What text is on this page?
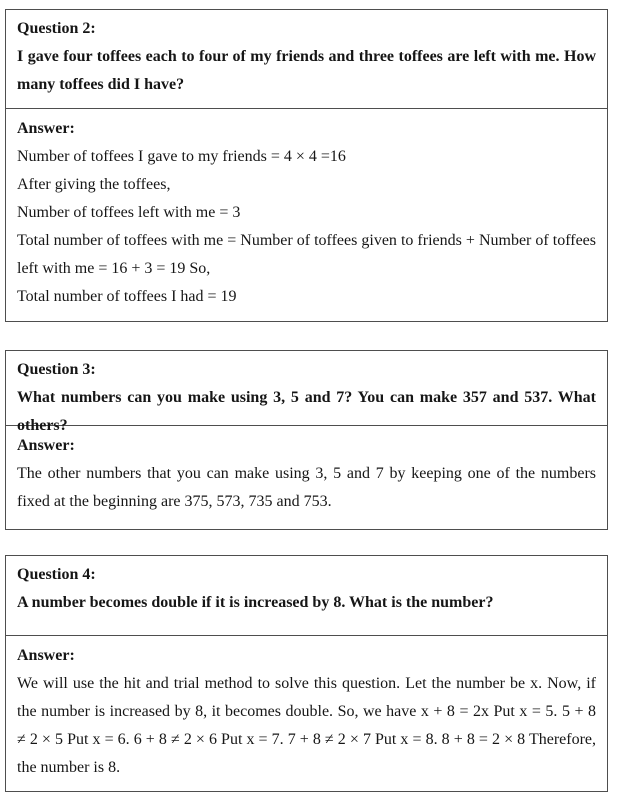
Question 2:

I gave four toffees each to four of my friends and three toffees are left with me. How many toffees did I have?

Answer:

Number of toffees I gave to my friends = 4 × 4 =16

After giving the toffees,

Number of toffees left with me = 3

Total number of toffees with me = Number of toffees given to friends + Number of toffees left with me = 16 + 3 = 19 So,

Total number of toffees I had = 19

Question 3:

What numbers can you make using 3, 5 and 7? You can make 357 and 537. What others?

Answer:

The other numbers that you can make using 3, 5 and 7 by keeping one of the numbers fixed at the beginning are 375, 573, 735 and 753.

Question 4:

A number becomes double if it is increased by 8. What is the number?

Answer:

We will use the hit and trial method to solve this question. Let the number be x. Now, if the number is increased by 8, it becomes double. So, we have x + 8 = 2x Put x = 5. 5 + 8 ≠ 2 × 5 Put x = 6. 6 + 8 ≠ 2 × 6 Put x = 7. 7 + 8 ≠ 2 × 7 Put x = 8. 8 + 8 = 2 × 8 Therefore, the number is 8.
